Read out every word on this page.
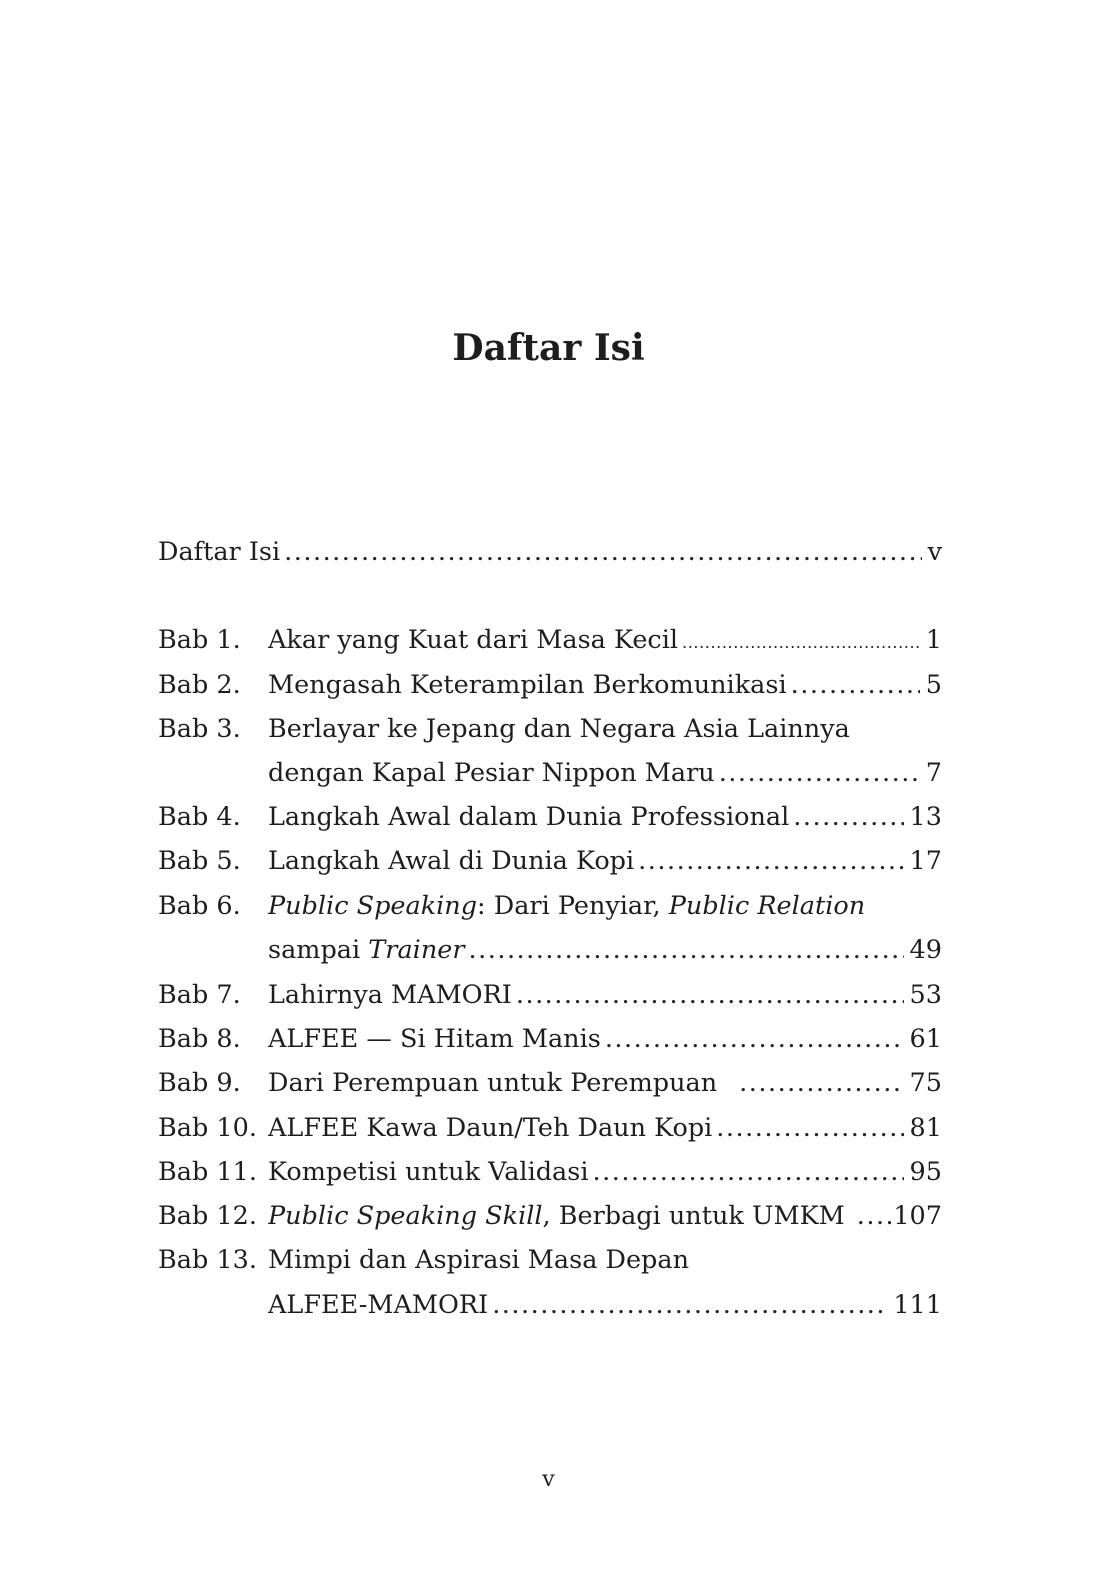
Daftar Isi
Daftar Isi .....	v
Bab 1. Akar yang Kuat dari Masa Kecil .....	1
Bab 2. Mengasah Keterampilan Berkomunikasi .....	5
Bab 3. Berlayar ke Jepang dan Negara Asia Lainnya
dengan Kapal Pesiar Nippon Maru .....	7
Bab 4. Langkah Awal dalam Dunia Professional .....	13
Bab 5. Langkah Awal di Dunia Kopi .....	17
Bab 6. Public Speaking: Dari Penyiar, Public Relation
sampai Trainer .....	49
Bab 7. Lahirnya MAMORI .....	53
Bab 8. ALFEE — Si Hitam Manis .....	61
Bab 9. Dari Perempuan untuk Perempuan .....	75
Bab 10. ALFEE Kawa Daun/Teh Daun Kopi .....	81
Bab 11. Kompetisi untuk Validasi .....	95
Bab 12. Public Speaking Skill, Berbagi untuk UMKM ..... 107
Bab 13. Mimpi dan Aspirasi Masa Depan
ALFEE-MAMORI .....	111
v
